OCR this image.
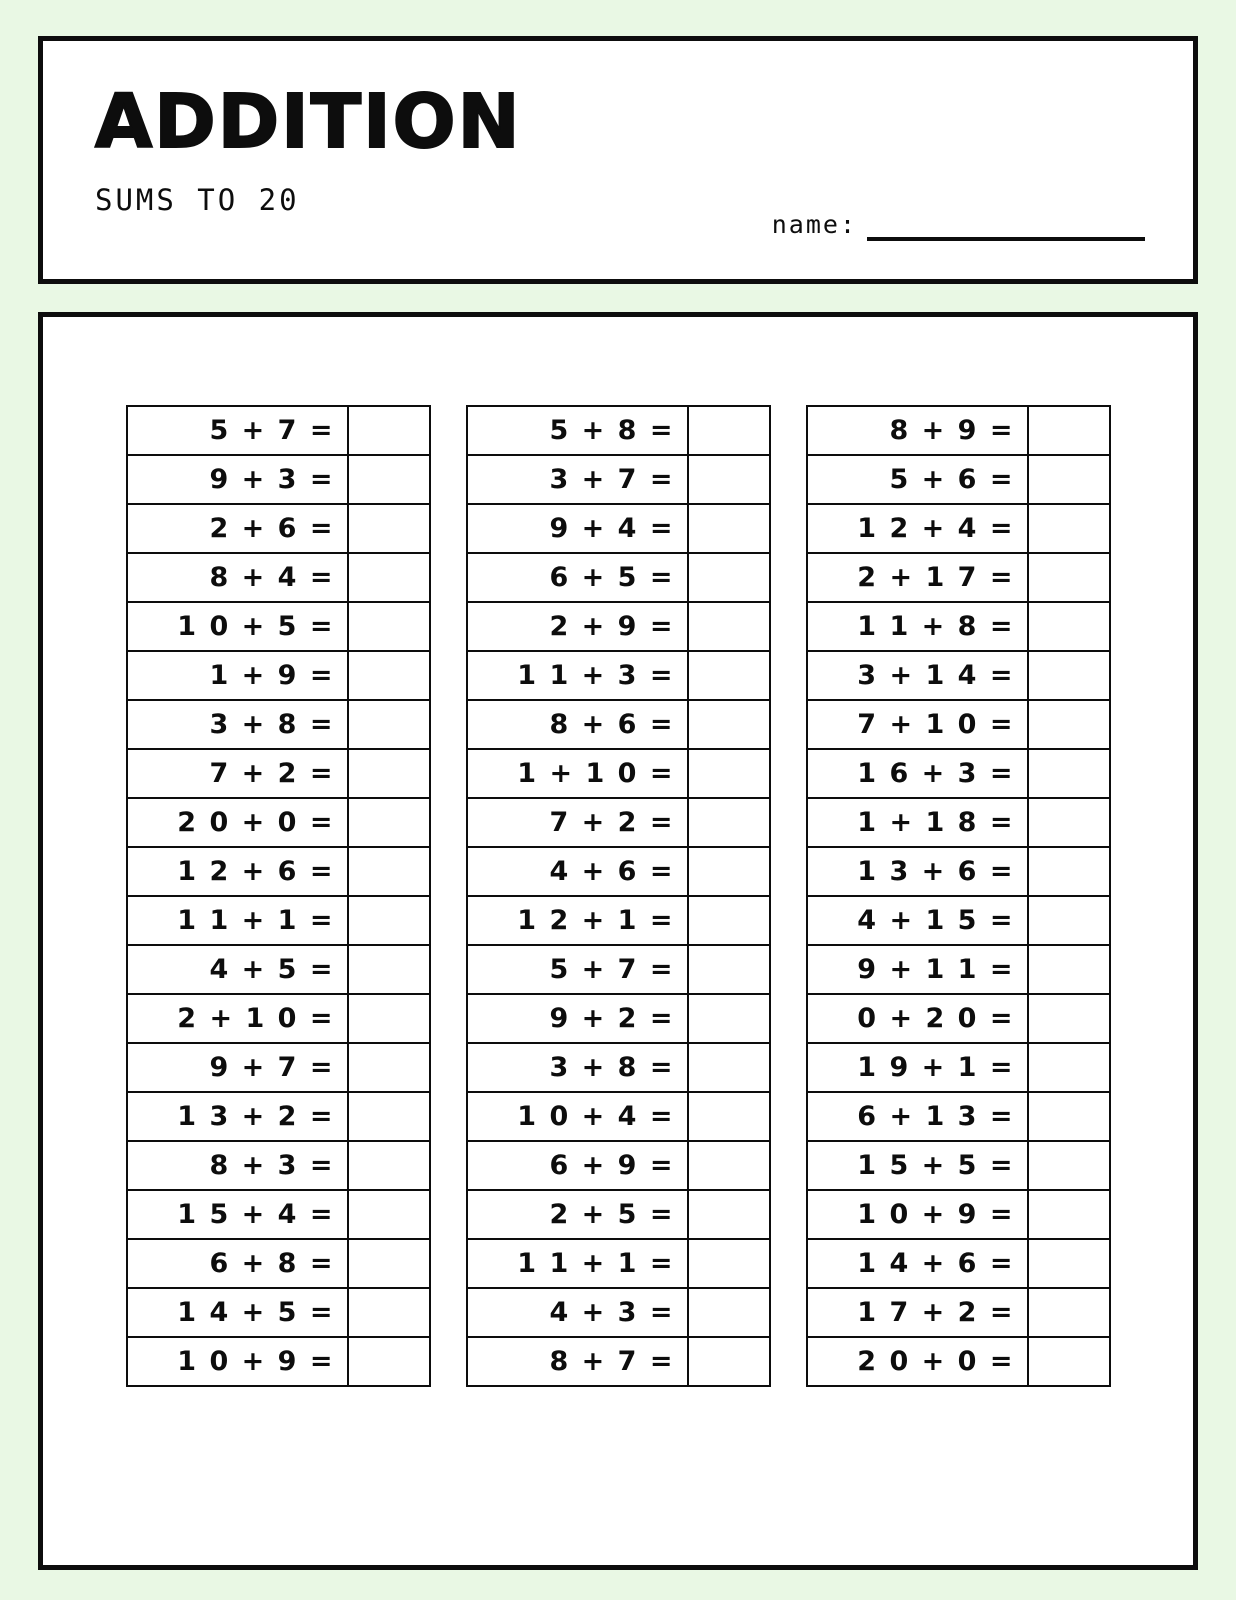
ADDITION
SUMS TO 20
name:
5 + 7 =
9 + 3 =
2 + 6 =
8 + 4 =
1 0 + 5 =
1 + 9 =
3 + 8 =
7 + 2 =
2 0 + 0 =
1 2 + 6 =
1 1 + 1 =
4 + 5 =
2 + 1 0 =
9 + 7 =
1 3 + 2 =
8 + 3 =
1 5 + 4 =
6 + 8 =
1 4 + 5 =
1 0 + 9 =
5 + 8 =
3 + 7 =
9 + 4 =
6 + 5 =
2 + 9 =
1 1 + 3 =
8 + 6 =
1 + 1 0 =
7 + 2 =
4 + 6 =
1 2 + 1 =
5 + 7 =
9 + 2 =
3 + 8 =
1 0 + 4 =
6 + 9 =
2 + 5 =
1 1 + 1 =
4 + 3 =
8 + 7 =
8 + 9 =
5 + 6 =
1 2 + 4 =
2 + 1 7 =
1 1 + 8 =
3 + 1 4 =
7 + 1 0 =
1 6 + 3 =
1 + 1 8 =
1 3 + 6 =
4 + 1 5 =
9 + 1 1 =
0 + 2 0 =
1 9 + 1 =
6 + 1 3 =
1 5 + 5 =
1 0 + 9 =
1 4 + 6 =
1 7 + 2 =
2 0 + 0 =
